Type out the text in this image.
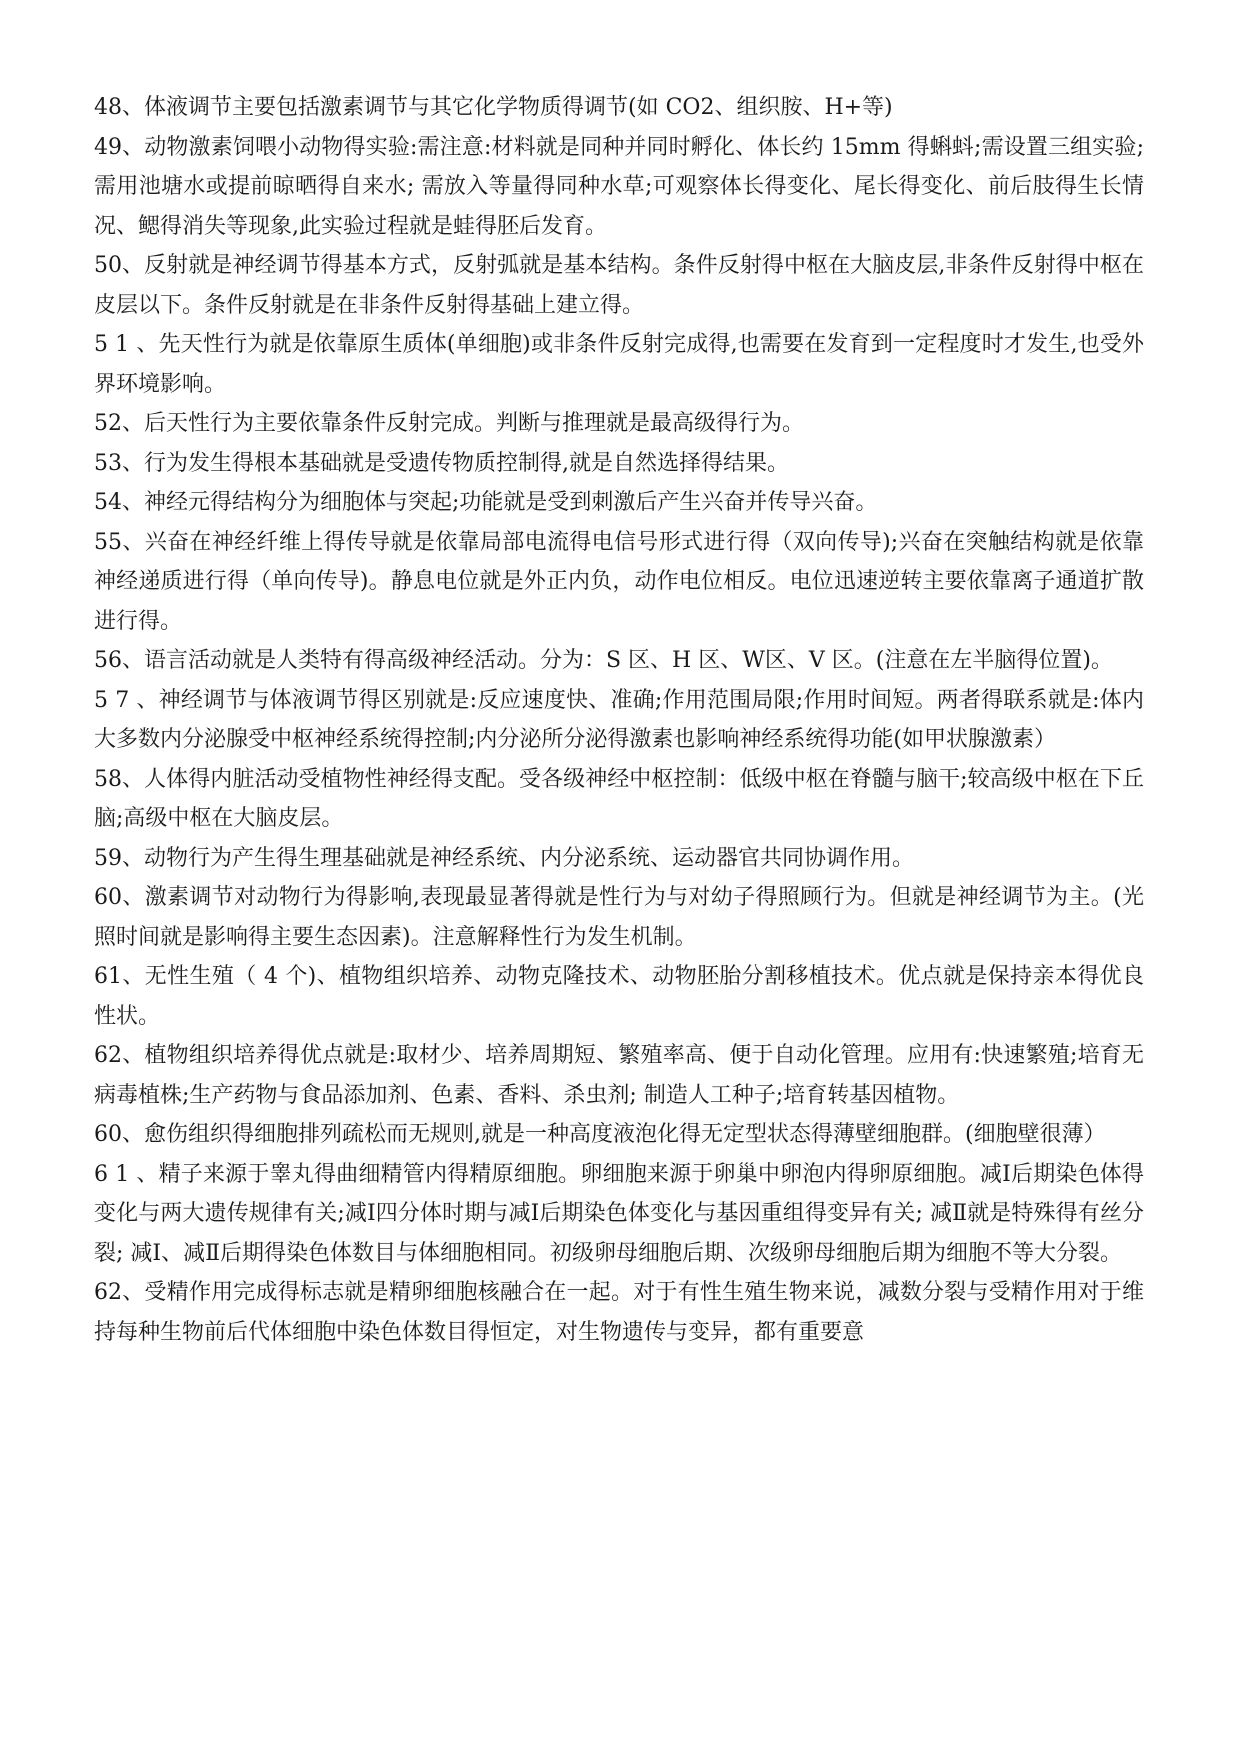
48、体液调节主要包括激素调节与其它化学物质得调节(如 CO2、组织胺、H+等)

49、动物激素饲喂小动物得实验:需注意:材料就是同种并同时孵化、体长约 15mm 得蝌蚪;需设置三组实验;需用池塘水或提前晾晒得自来水; 需放入等量得同种水草;可观察体长得变化、尾长得变化、前后肢得生长情况、鳃得消失等现象,此实验过程就是蛙得胚后发育。

50、反射就是神经调节得基本方式，反射弧就是基本结构。条件反射得中枢在大脑皮层,非条件反射得中枢在皮层以下。条件反射就是在非条件反射得基础上建立得。

5 1 、先天性行为就是依靠原生质体(单细胞)或非条件反射完成得,也需要在发育到一定程度时才发生,也受外界环境影响。

52、后天性行为主要依靠条件反射完成。判断与推理就是最高级得行为。

53、行为发生得根本基础就是受遗传物质控制得,就是自然选择得结果。

54、神经元得结构分为细胞体与突起;功能就是受到刺激后产生兴奋并传导兴奋。

55、兴奋在神经纤维上得传导就是依靠局部电流得电信号形式进行得（双向传导);兴奋在突触结构就是依靠神经递质进行得（单向传导)。静息电位就是外正内负，动作电位相反。电位迅速逆转主要依靠离子通道扩散进行得。

56、语言活动就是人类特有得高级神经活动。分为：S 区、H 区、W区、V 区。(注意在左半脑得位置)。

5 7 、神经调节与体液调节得区别就是:反应速度快、准确;作用范围局限;作用时间短。两者得联系就是:体内大多数内分泌腺受中枢神经系统得控制;内分泌所分泌得激素也影响神经系统得功能(如甲状腺激素）

58、人体得内脏活动受植物性神经得支配。受各级神经中枢控制：低级中枢在脊髓与脑干;较高级中枢在下丘脑;高级中枢在大脑皮层。

59、动物行为产生得生理基础就是神经系统、内分泌系统、运动器官共同协调作用。

60、激素调节对动物行为得影响,表现最显著得就是性行为与对幼子得照顾行为。但就是神经调节为主。(光照时间就是影响得主要生态因素)。注意解释性行为发生机制。

61、无性生殖（ 4 个)、植物组织培养、动物克隆技术、动物胚胎分割移植技术。优点就是保持亲本得优良性状。

62、植物组织培养得优点就是:取材少、培养周期短、繁殖率高、便于自动化管理。应用有:快速繁殖;培育无病毒植株;生产药物与食品添加剂、色素、香料、杀虫剂; 制造人工种子;培育转基因植物。

60、愈伤组织得细胞排列疏松而无规则,就是一种高度液泡化得无定型状态得薄壁细胞群。(细胞壁很薄）

6 1 、精子来源于睾丸得曲细精管内得精原细胞。卵细胞来源于卵巢中卵泡内得卵原细胞。减Ⅰ后期染色体得变化与两大遗传规律有关;减Ⅰ四分体时期与减Ⅰ后期染色体变化与基因重组得变异有关; 减Ⅱ就是特殊得有丝分裂; 减Ⅰ、减Ⅱ后期得染色体数目与体细胞相同。初级卵母细胞后期、次级卵母细胞后期为细胞不等大分裂。

62、受精作用完成得标志就是精卵细胞核融合在一起。对于有性生殖生物来说，减数分裂与受精作用对于维持每种生物前后代体细胞中染色体数目得恒定，对生物遗传与变异，都有重要意
